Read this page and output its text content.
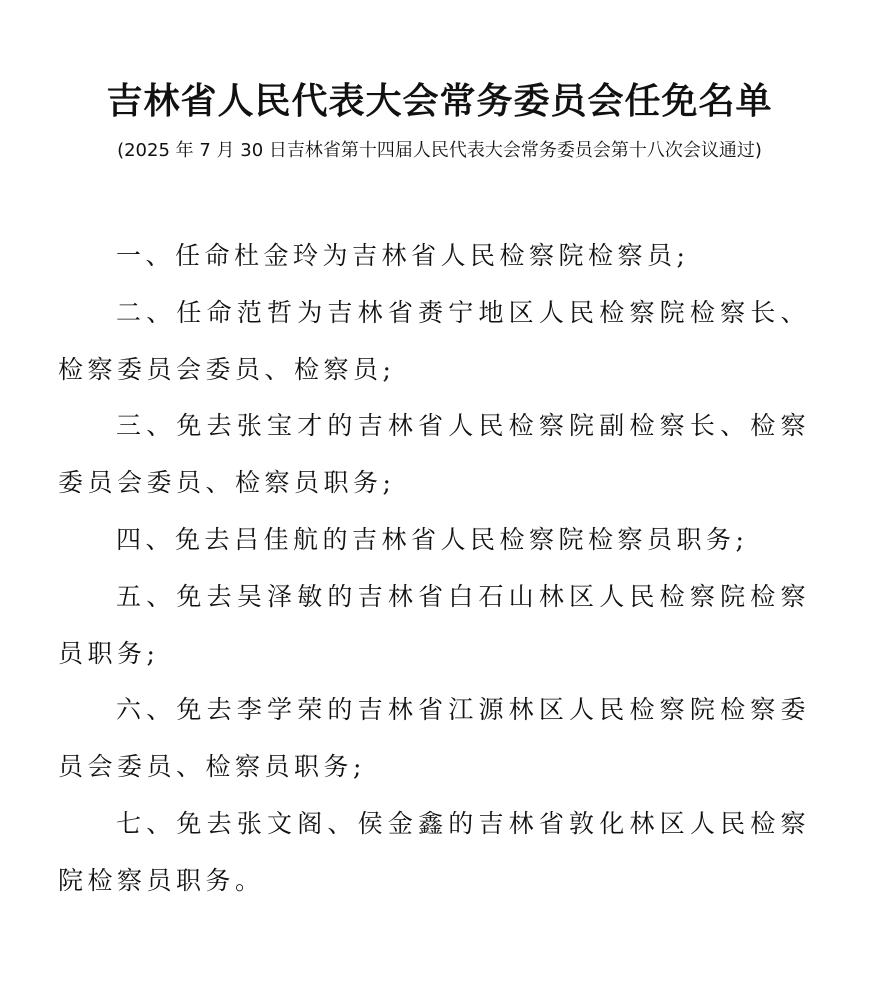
吉林省人民代表大会常务委员会任免名单

(2025 年 7 月 30 日吉林省第十四届人民代表大会常务委员会第十八次会议通过)

一、任命杜金玲为吉林省人民检察院检察员;

二、任命范哲为吉林省赉宁地区人民检察院检察长、检察委员会委员、检察员;

三、免去张宝才的吉林省人民检察院副检察长、检察委员会委员、检察员职务;

四、免去吕佳航的吉林省人民检察院检察员职务;

五、免去吴泽敏的吉林省白石山林区人民检察院检察员职务;

六、免去李学荣的吉林省江源林区人民检察院检察委员会委员、检察员职务;

七、免去张文阁、侯金鑫的吉林省敦化林区人民检察院检察员职务。
